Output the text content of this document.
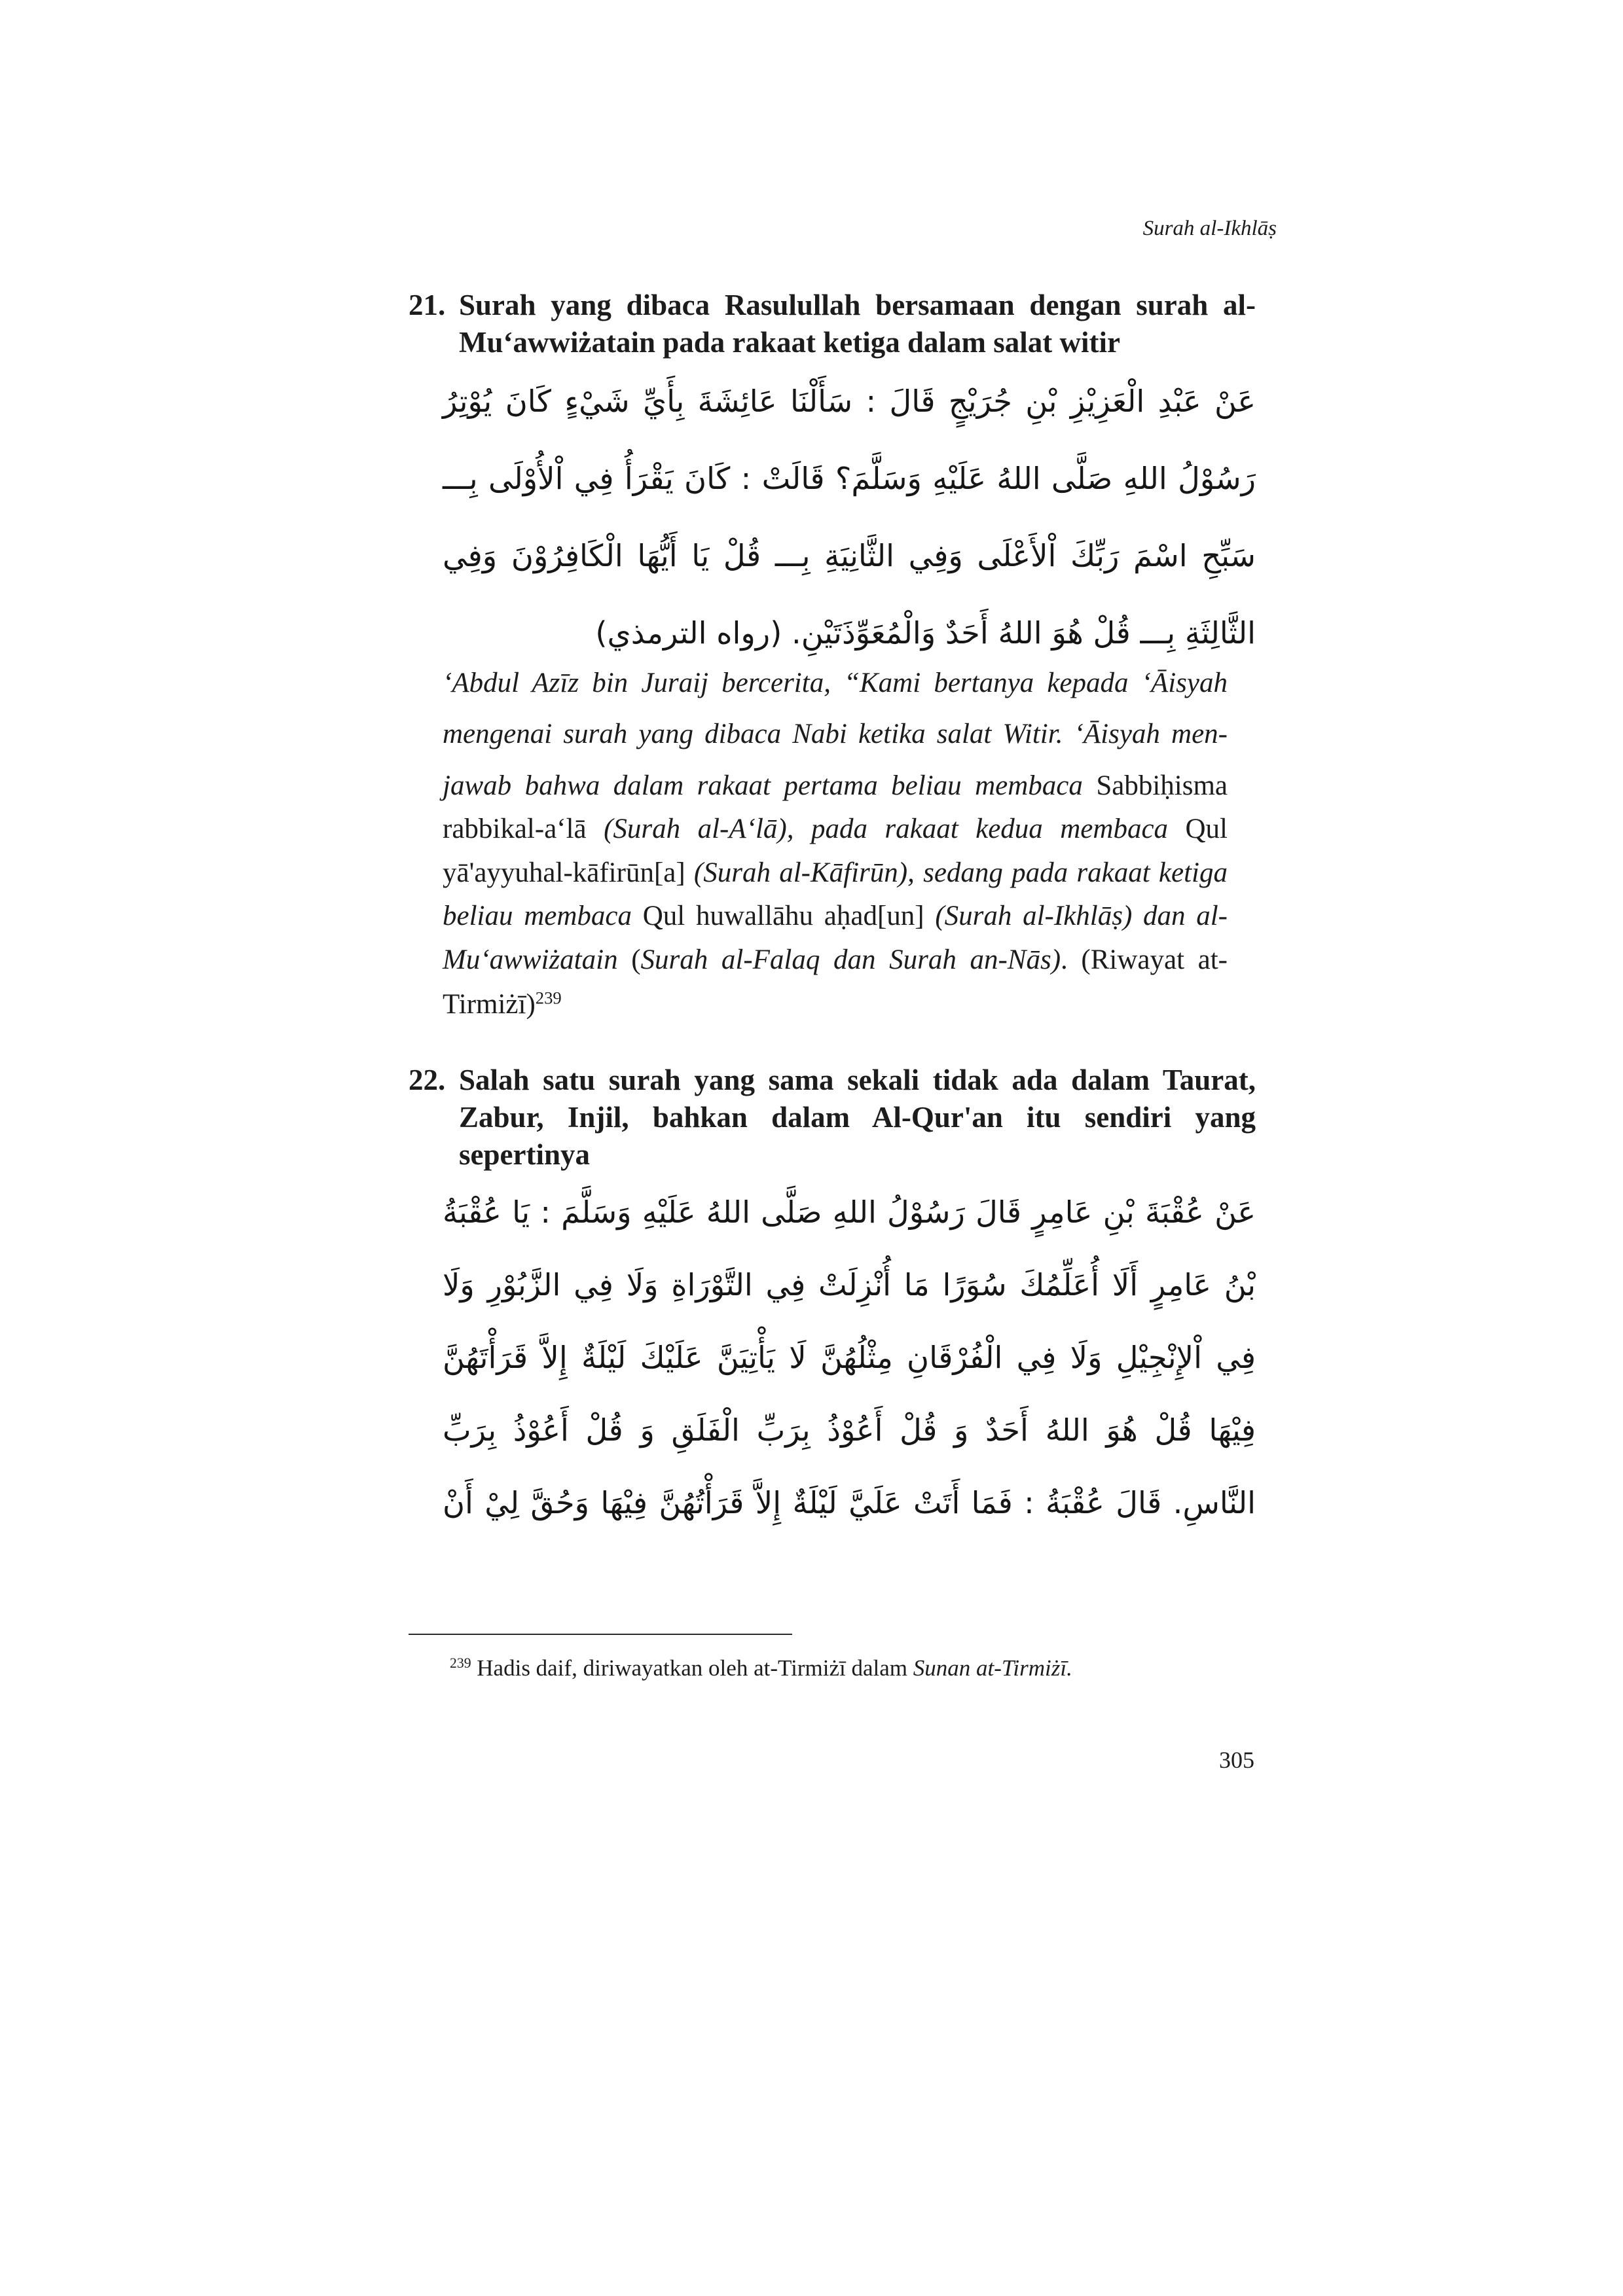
Surah al-Ikhlāṣ
21. Surah yang dibaca Rasulullah bersamaan dengan surah al-
Mu‘awwiżatain pada rakaat ketiga dalam salat witir
عَنْ عَبْدِ الْعَزِيْزِ بْنِ جُرَيْجٍ قَالَ : سَأَلْنَا عَائِشَةَ بِأَيِّ شَيْءٍ كَانَ يُوْتِرُ
رَسُوْلُ اللهِ صَلَّى اللهُ عَلَيْهِ وَسَلَّمَ؟ قَالَتْ : كَانَ يَقْرَأُ فِي اْلأُوْلَى بِـــ
سَبِّحِ اسْمَ رَبِّكَ اْلأَعْلَى وَفِي الثَّانِيَةِ بِـــ قُلْ يَا أَيُّهَا الْكَافِرُوْنَ وَفِي
الثَّالِثَةِ بِـــ قُلْ هُوَ اللهُ أَحَدٌ وَالْمُعَوِّذَتَيْنِ. (رواه الترمذي)
‘Abdul Azīz bin Juraij bercerita, “Kami bertanya kepada ‘Āisyah
mengenai surah yang dibaca Nabi ketika salat Witir. ‘Āisyah men-
jawab bahwa dalam rakaat pertama beliau membaca Sabbiḥisma
rabbikal-a‘lā (Surah al-A‘lā), pada rakaat kedua membaca Qul
yā'ayyuhal-kāfirūn[a] (Surah al-Kāfirūn), sedang pada rakaat ketiga
beliau membaca Qul huwallāhu aḥad[un] (Surah al-Ikhlāṣ) dan al-
Mu‘awwiżatain (Surah al-Falaq dan Surah an-Nās). (Riwayat at-
Tirmiżī)$^{239}$
22. Salah satu surah yang sama sekali tidak ada dalam Taurat,
Zabur, Injil, bahkan dalam Al-Qur'an itu sendiri yang
sepertinya
عَنْ عُقْبَةَ بْنِ عَامِرٍ قَالَ رَسُوْلُ اللهِ صَلَّى اللهُ عَلَيْهِ وَسَلَّمَ : يَا عُقْبَةُ
بْنُ عَامِرٍ أَلَا أُعَلِّمُكَ سُوَرًا مَا أُنْزِلَتْ فِي التَّوْرَاةِ وَلَا فِي الزَّبُوْرِ وَلَا
فِي اْلإِنْجِيْلِ وَلَا فِي الْفُرْقَانِ مِثْلُهُنَّ لَا يَأْتِيَنَّ عَلَيْكَ لَيْلَةٌ إِلاَّ قَرَأْتَهُنَّ
فِيْهَا قُلْ هُوَ اللهُ أَحَدٌ وَ قُلْ أَعُوْذُ بِرَبِّ الْفَلَقِ وَ قُلْ أَعُوْذُ بِرَبِّ
النَّاسِ. قَالَ عُقْبَةُ : فَمَا أَتَتْ عَلَيَّ لَيْلَةٌ إِلاَّ قَرَأْتُهُنَّ فِيْهَا وَحُقَّ لِيْ أَنْ
$^{239}$ Hadis daif, diriwayatkan oleh at-Tirmiżī dalam Sunan at-Tirmiżī.
305
